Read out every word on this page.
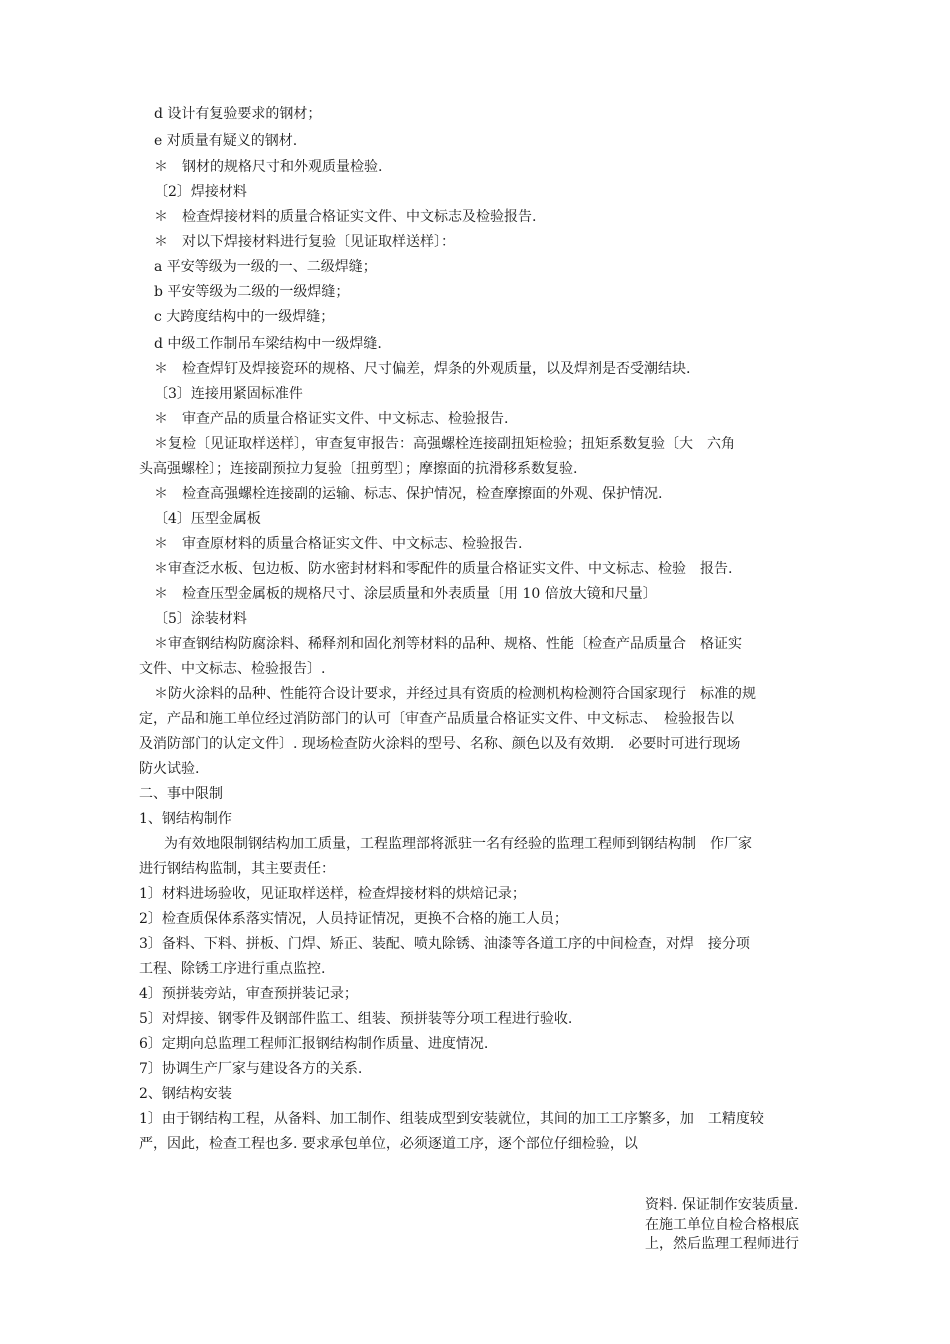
d 设计有复验要求的钢材；

e 对质量有疑义的钢材.

＊　钢材的规格尺寸和外观质量检验.

〔2〕焊接材料

＊　检查焊接材料的质量合格证实文件、中文标志及检验报告.

＊　对以下焊接材料进行复验〔见证取样送样〕：

a 平安等级为一级的一、二级焊缝；

b 平安等级为二级的一级焊缝；

c 大跨度结构中的一级焊缝；

d 中级工作制吊车梁结构中一级焊缝.

＊　检查焊钉及焊接瓷环的规格、尺寸偏差，焊条的外观质量，以及焊剂是否受潮结块.

〔3〕连接用紧固标准件

＊　审查产品的质量合格证实文件、中文标志、检验报告.

＊复检〔见证取样送样〕，审查复审报告：高强螺栓连接副扭矩检验；扭矩系数复验〔大　六角

头高强螺栓〕；连接副预拉力复验〔扭剪型〕；摩擦面的抗滑移系数复验.

＊　检查高强螺栓连接副的运输、标志、保护情况，检查摩擦面的外观、保护情况.

〔4〕压型金属板

＊　审查原材料的质量合格证实文件、中文标志、检验报告.

＊审查泛水板、包边板、防水密封材料和零配件的质量合格证实文件、中文标志、检验　报告.

＊　检查压型金属板的规格尺寸、涂层质量和外表质量〔用 10 倍放大镜和尺量〕

〔5〕涂装材料

＊审查钢结构防腐涂料、稀释剂和固化剂等材料的品种、规格、性能〔检查产品质量合　格证实

文件、中文标志、检验报告〕.

＊防火涂料的品种、性能符合设计要求，并经过具有资质的检测机构检测符合国家现行　标准的规

定，产品和施工单位经过消防部门的认可〔审查产品质量合格证实文件、中文标志、　检验报告以

及消防部门的认定文件〕. 现场检查防火涂料的型号、名称、颜色以及有效期.　必要时可进行现场

防火试验.

二、事中限制

1、钢结构制作

为有效地限制钢结构加工质量，工程监理部将派驻一名有经验的监理工程师到钢结构制　作厂家

进行钢结构监制，其主要责任：

1〕材料进场验收，见证取样送样，检查焊接材料的烘焙记录；

2〕检查质保体系落实情况，人员持证情况，更换不合格的施工人员；

3〕备料、下料、拼板、门焊、矫正、装配、喷丸除锈、油漆等各道工序的中间检查，对焊　接分项

工程、除锈工序进行重点监控.

4〕预拼装旁站，审查预拼装记录；

5〕对焊接、钢零件及钢部件监工、组装、预拼装等分项工程进行验收.

6〕定期向总监理工程师汇报钢结构制作质量、进度情况.

7〕协调生产厂家与建设各方的关系.

2、钢结构安装

1〕由于钢结构工程，从备料、加工制作、组装成型到安装就位，其间的加工工序繁多，加　工精度较

严，因此，检查工程也多. 要求承包单位，必须逐道工序，逐个部位仔细检验，以

资料. 保证制作安装质量.

在施工单位自检合格根底

上，然后监理工程师进行
